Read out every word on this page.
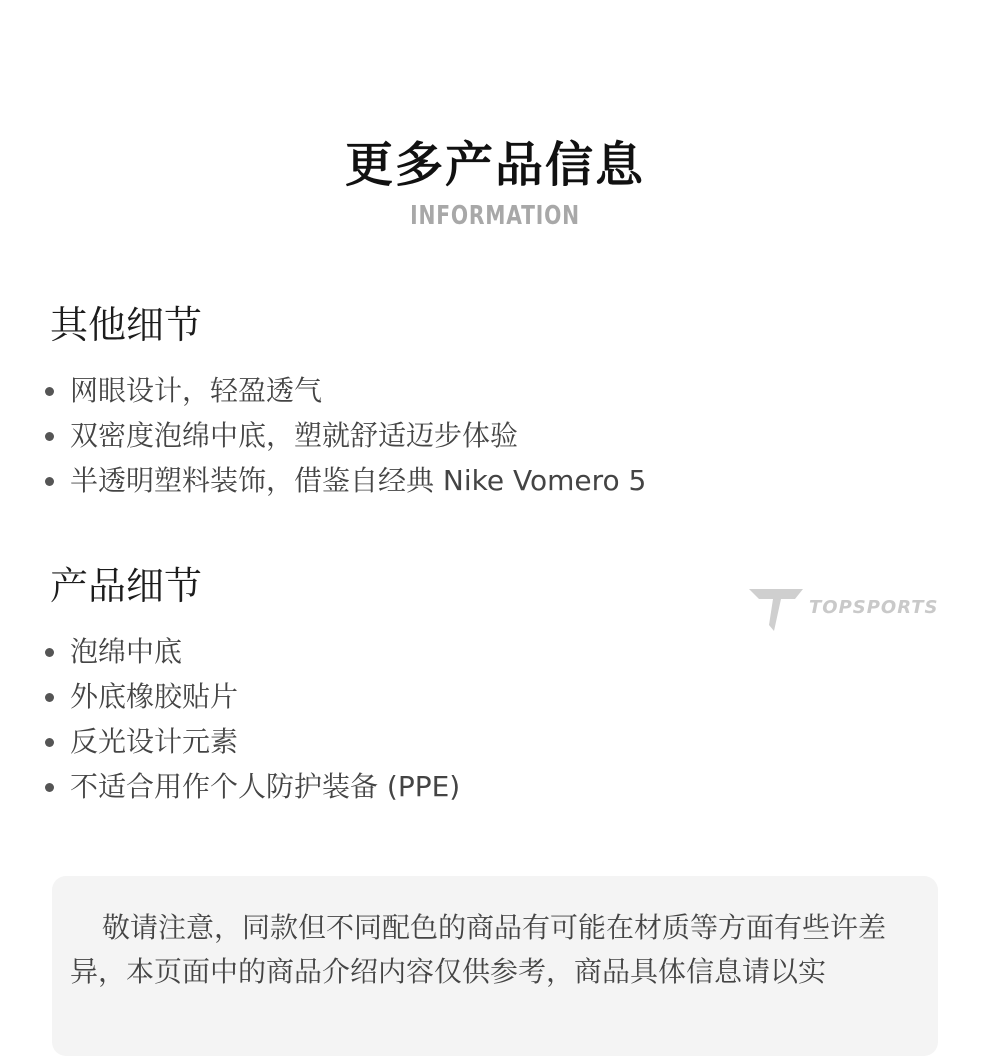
更多产品信息
INFORMATION
其他细节
网眼设计，轻盈透气
双密度泡绵中底，塑就舒适迈步体验
半透明塑料装饰，借鉴自经典 Nike Vomero 5
产品细节
泡绵中底
外底橡胶贴片
反光设计元素
不适合用作个人防护装备 (PPE)
TOPSPORTS

敬请注意，同款但不同配色的商品有可能在材质等方面有些许差异，本页面中的商品介绍内容仅供参考，商品具体信息请以实
